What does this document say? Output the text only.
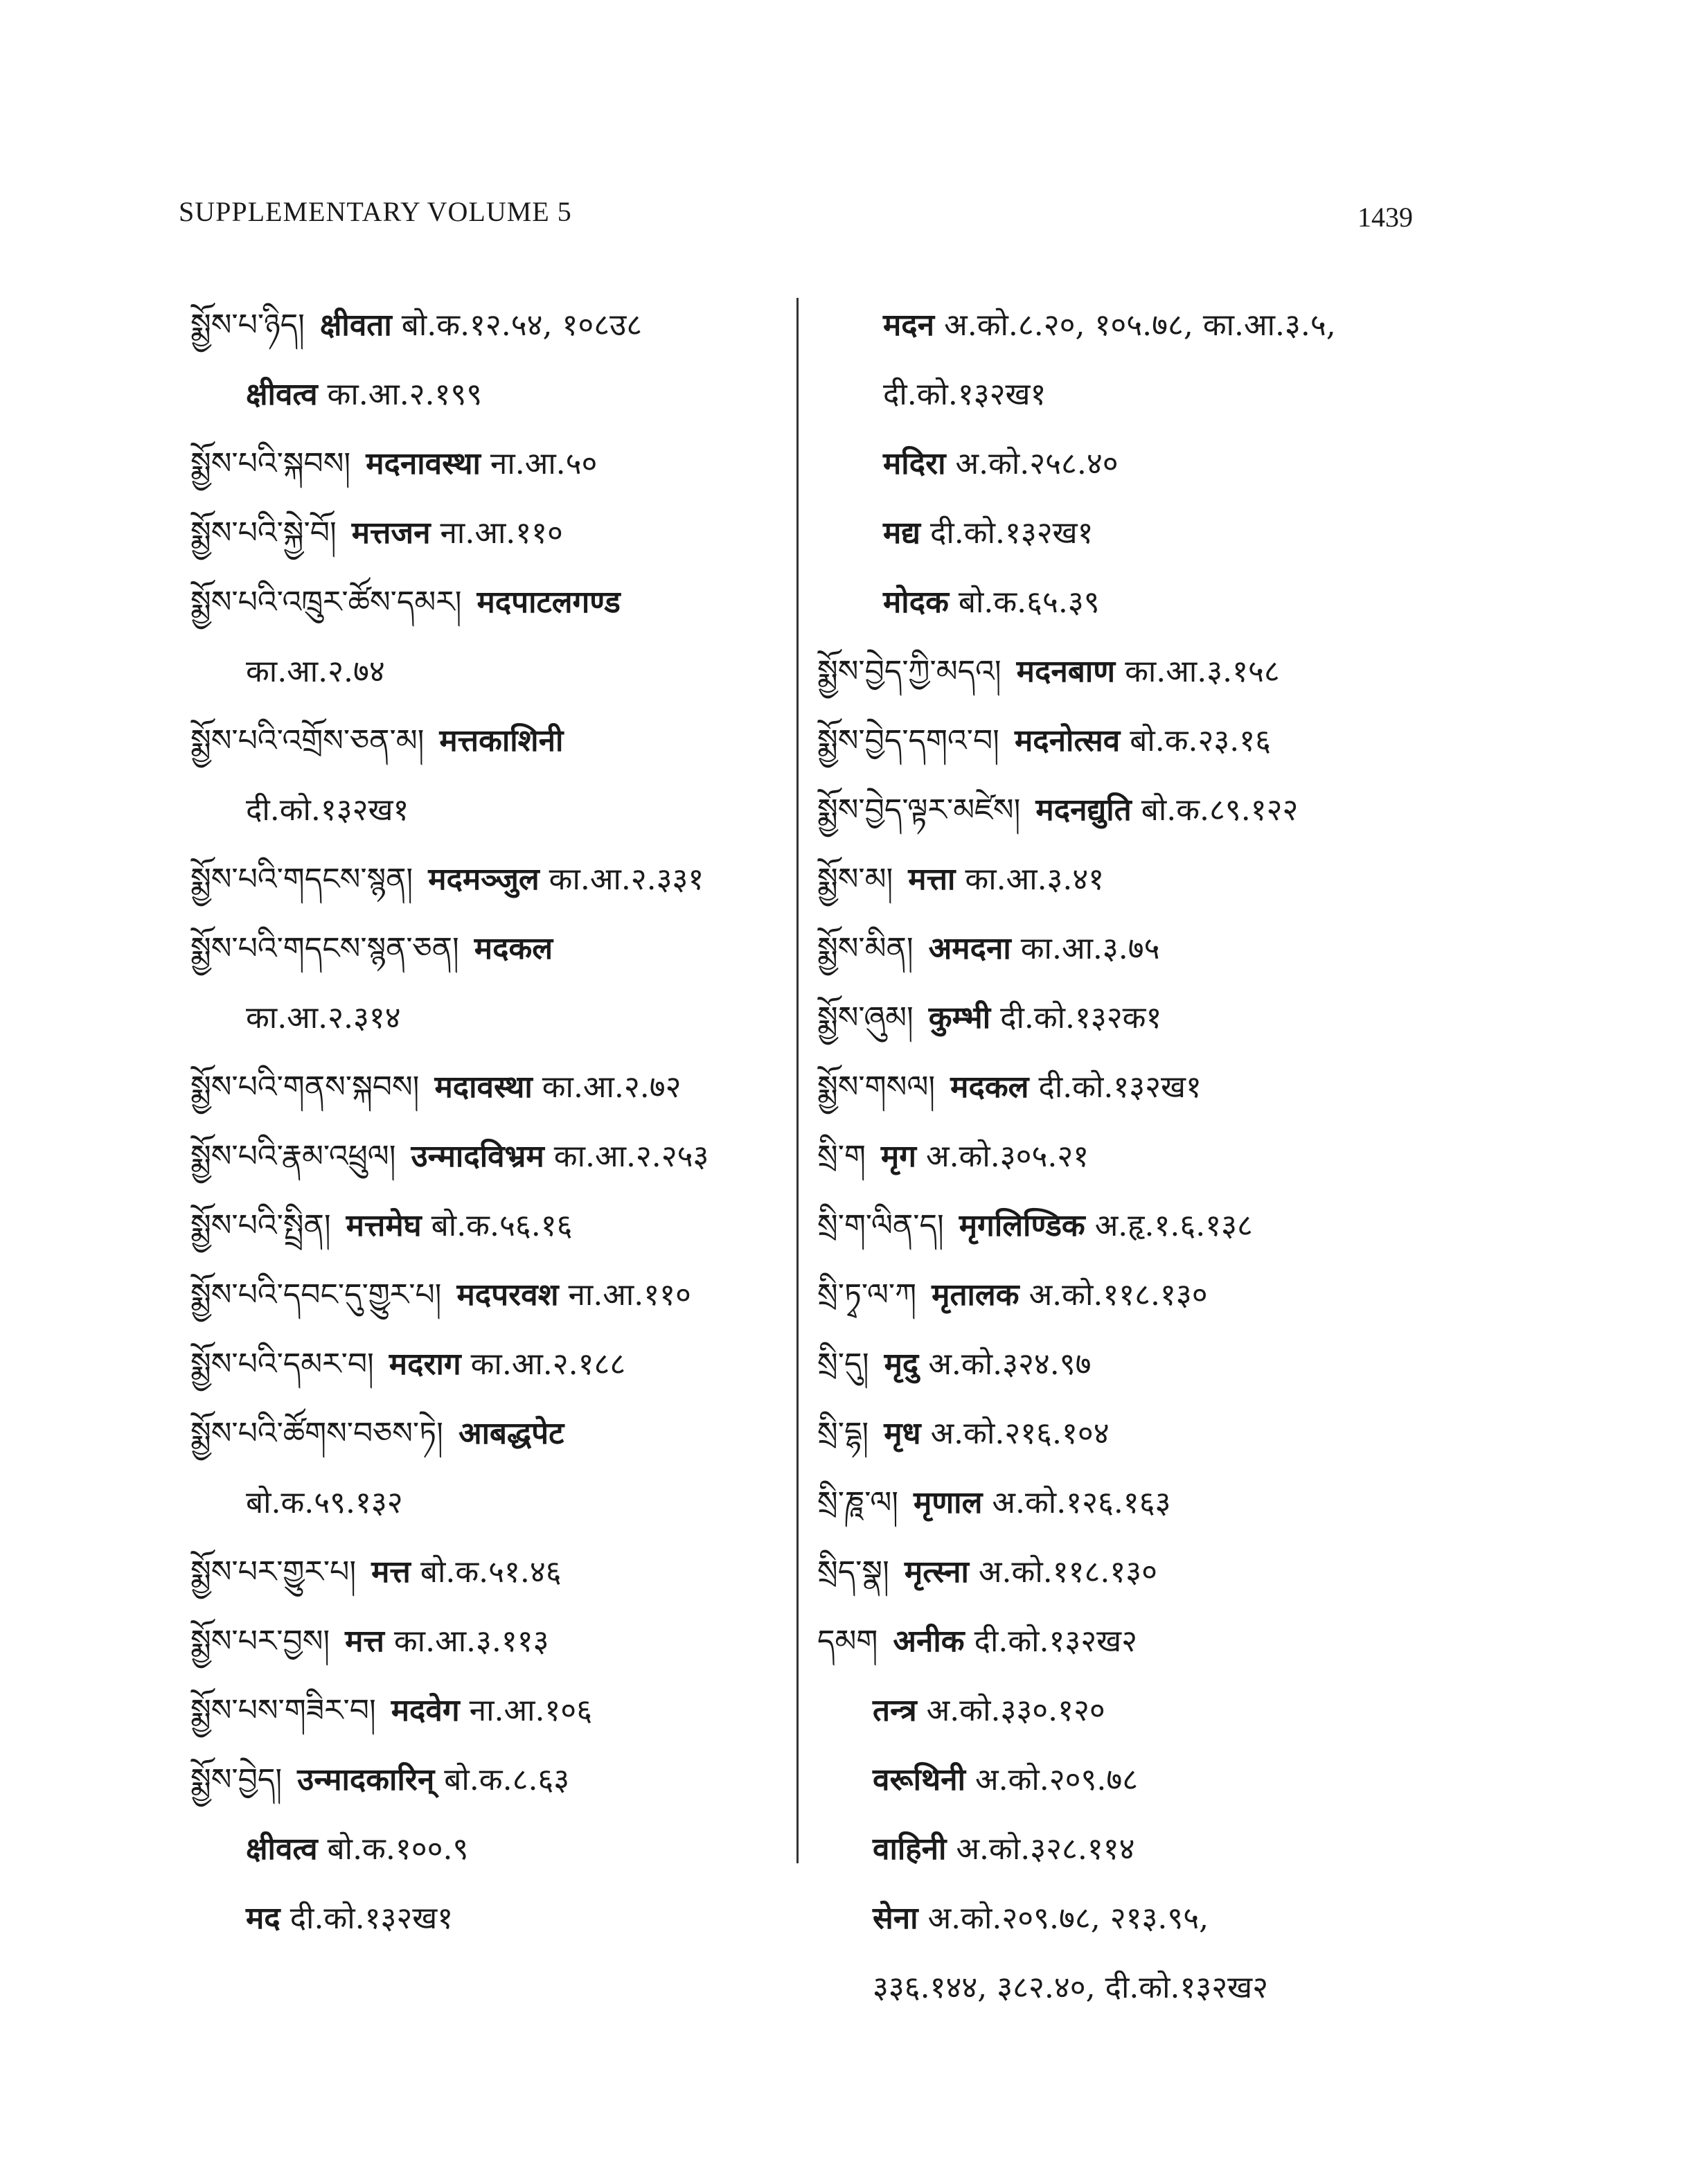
SUPPLEMENTARY VOLUME 5	1439
སྨྱོས་པ་ཉིད། क्षीवता बो.क.१२.५४, १०८उ८
क्षीवत्व का.आ.२.१९९
སྨྱོས་པའི་སྐབས། मदनावस्था ना.आ.५०
སྨྱོས་པའི་སྐྱེ་བོ། मत्तजन ना.आ.११०
སྨྱོས་པའི་འཁྲུར་ཚོས་དམར། मदपाटलगण्ड
का.आ.२.७४
སྨྱོས་པའི་འགྲོས་ཅན་མ། मत्तकाशिनी
दी.को.१३२ख१
སྨྱོས་པའི་གདངས་སྙན། मदमञ्जुल का.आ.२.३३१
སྨྱོས་པའི་གདངས་སྙན་ཅན། मदकल
का.आ.२.३१४
སྨྱོས་པའི་གནས་སྐབས། मदावस्था का.आ.२.७२
སྨྱོས་པའི་རྣམ་འཕྲུལ། उन्मादविभ्रम का.आ.२.२५३
སྨྱོས་པའི་སྤྲིན། मत्तमेघ बो.क.५६.१६
སྨྱོས་པའི་དབང་དུ་གྱུར་པ། मदपरवश ना.आ.११०
སྨྱོས་པའི་དམར་བ། मदराग का.आ.२.१८८
སྨྱོས་པའི་ཚོགས་བཅས་ཏེ། आबद्धपेट
बो.क.५९.१३२
སྨྱོས་པར་གྱུར་པ། मत्त बो.क.५१.४६
སྨྱོས་པར་བྱས། मत्त का.आ.३.११३
སྨྱོས་པས་གཟིར་བ། मदवेग ना.आ.१०६
སྨྱོས་བྱེད། उन्मादकारिन् बो.क.८.६३
क्षीवत्व बो.क.१००.९
मद दी.को.१३२ख१
मदन अ.को.८.२०, १०५.७८, का.आ.३.५,
दी.को.१३२ख१
मदिरा अ.को.२५८.४०
मद्य दी.को.१३२ख१
मोदक बो.क.६५.३९
སྨྱོས་བྱེད་ཀྱི་མདའ། मदनबाण का.आ.३.१५८
སྨྱོས་བྱེད་དགའ་བ། मदनोत्सव बो.क.२३.१६
སྨྱོས་བྱེད་ལྟར་མཛེས། मदनद्युति बो.क.८९.१२२
སྨྱོས་མ། मत्ता का.आ.३.४१
སྨྱོས་མིན། अमदना का.आ.३.७५
སྨྱོས་ཞུམ། कुम्भी दी.को.१३२क१
སྨྱོས་གསལ། मदकल दी.को.१३२ख१
སྲི་ག मृग अ.को.३०५.२१
སྲི་ག་ལིན་ད། मृगलिण्डिक अ.हृ.१.६.१३८
སྲི་ཏྭ་ལ་ཀ मृतालक अ.को.११८.१३०
སྲི་དུ། मृदु अ.को.३२४.९७
སྲི་དྷ། मृध अ.को.२१६.१०४
སྲི་ཎཱ་ལ། मृणाल अ.को.१२६.१६३
སྲིད་སྣ། मृत्स्ना अ.को.११८.१३०
དམག अनीक दी.को.१३२ख२
तन्त्र अ.को.३३०.१२०
वरूथिनी अ.को.२०९.७८
वाहिनी अ.को.३२८.११४
सेना अ.को.२०९.७८, २१३.९५,
३३६.१४४, ३८२.४०, दी.को.१३२ख२
